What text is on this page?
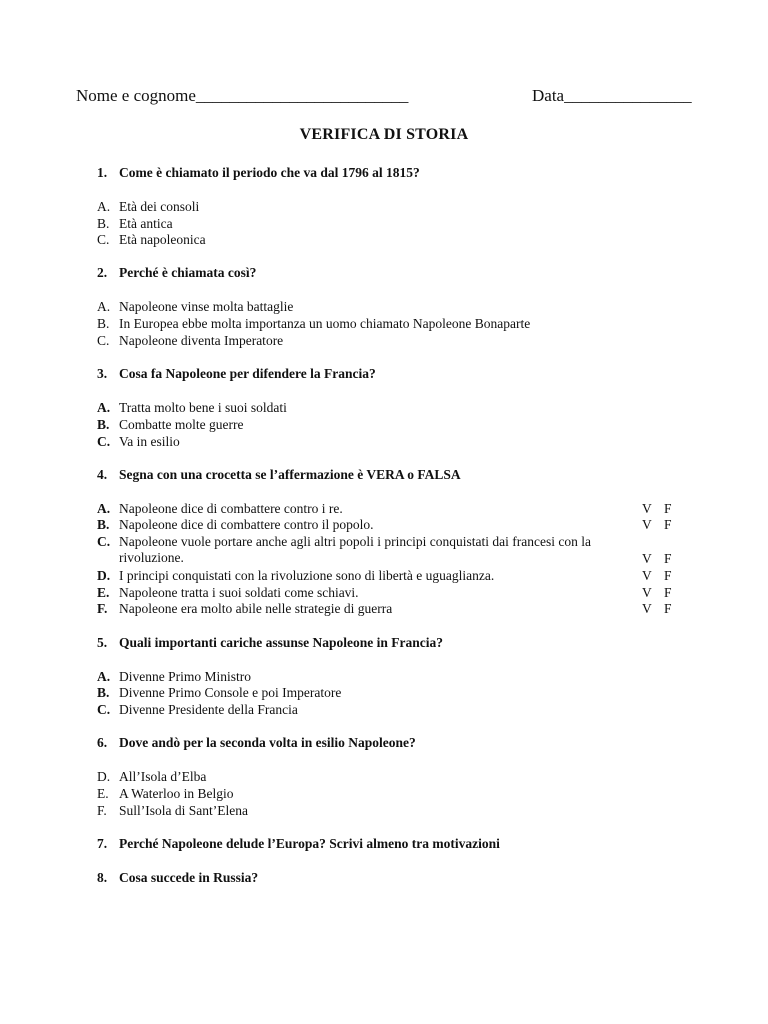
Nome e cognome_________________________	Data_______________
VERIFICA DI STORIA
1. Come è chiamato il periodo che va dal 1796 al 1815?
A. Età dei consoli
B. Età antica
C. Età napoleonica
2. Perché è chiamata così?
A. Napoleone vinse molta battaglie
B. In Europea ebbe molta importanza un uomo chiamato Napoleone Bonaparte
C. Napoleone diventa Imperatore
3. Cosa fa Napoleone per difendere la Francia?
A. Tratta molto bene i suoi soldati
B. Combatte molte guerre
C. Va in esilio
4. Segna con una crocetta se l’affermazione è VERA o FALSA
A. Napoleone dice di combattere contro i re.	V F
B. Napoleone dice di combattere contro il popolo.	V F
C. Napoleone vuole portare anche agli altri popoli i principi conquistati dai francesi con la rivoluzione.	V F
D. I principi conquistati con la rivoluzione sono di libertà e uguaglianza.	V F
E. Napoleone tratta i suoi soldati come schiavi.	V F
F. Napoleone era molto abile nelle strategie di guerra	V F
5. Quali importanti cariche assunse Napoleone in Francia?
A. Divenne Primo Ministro
B. Divenne Primo Console e poi Imperatore
C. Divenne Presidente della Francia
6. Dove andò per la seconda volta in esilio Napoleone?
D. All’Isola d’Elba
E. A Waterloo in Belgio
F. Sull’Isola di Sant’Elena
7. Perché Napoleone delude l’Europa? Scrivi almeno tra motivazioni
8. Cosa succede in Russia?
